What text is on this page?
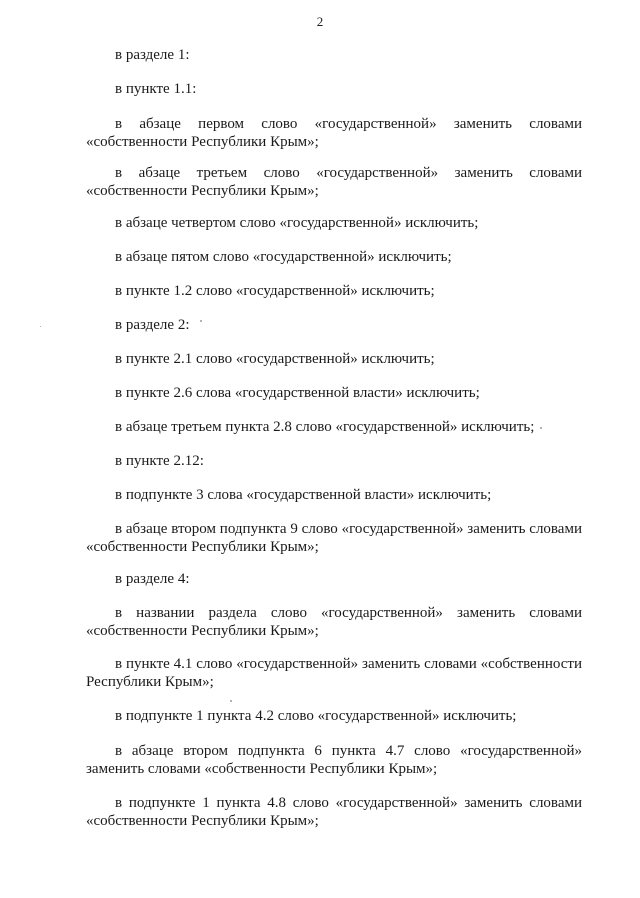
2

в разделе 1:

в пункте 1.1:

в абзаце первом слово «государственной» заменить словами «собственности Республики Крым»;

в абзаце третьем слово «государственной» заменить словами «собственности Республики Крым»;

в абзаце четвертом слово «государственной» исключить;

в абзаце пятом слово «государственной» исключить;

в пункте 1.2 слово «государственной» исключить;

в разделе 2:

в пункте 2.1 слово «государственной» исключить;

в пункте 2.6 слова «государственной власти» исключить;

в абзаце третьем пункта 2.8 слово «государственной» исключить;

в пункте 2.12:

в подпункте 3 слова «государственной власти» исключить;

в абзаце втором подпункта 9 слово «государственной» заменить словами «собственности Республики Крым»;

в разделе 4:

в названии раздела слово «государственной» заменить словами «собственности Республики Крым»;

в пункте 4.1 слово «государственной» заменить словами «собственности Республики Крым»;

в подпункте 1 пункта 4.2 слово «государственной» исключить;

в абзаце втором подпункта 6 пункта 4.7 слово «государственной» заменить словами «собственности Республики Крым»;

в подпункте 1 пункта 4.8 слово «государственной» заменить словами «собственности Республики Крым»;
